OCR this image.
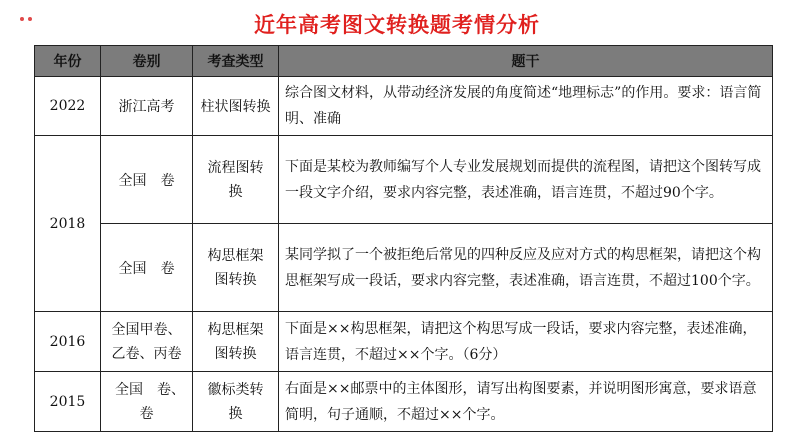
近年高考图文转换题考情分析
年份	卷别	考查类型	题干
2022	浙江高考	柱状图转换	综合图文材料，从带动经济发展的角度简述“地理标志”的作用。要求：语言简明、准确
2018	全国　卷	流程图转换	下面是某校为教师编写个人专业发展规划而提供的流程图，请把这个图转写成一段文字介绍，要求内容完整，表述准确，语言连贯，不超过90个字。
	全国　卷	构思框架图转换	某同学拟了一个被拒绝后常见的四种反应及应对方式的构思框架，请把这个构思框架写成一段话，要求内容完整，表述准确，语言连贯，不超过100个字。
2016	全国甲卷、乙卷、丙卷	构思框架图转换	下面是××构思框架，请把这个构思写成一段话，要求内容完整，表述准确，语言连贯，不超过××个字。（6分）
2015	全国　卷、　卷	徽标类转换	右面是××邮票中的主体图形，请写出构图要素，并说明图形寓意，要求语意简明，句子通顺，不超过××个字。
